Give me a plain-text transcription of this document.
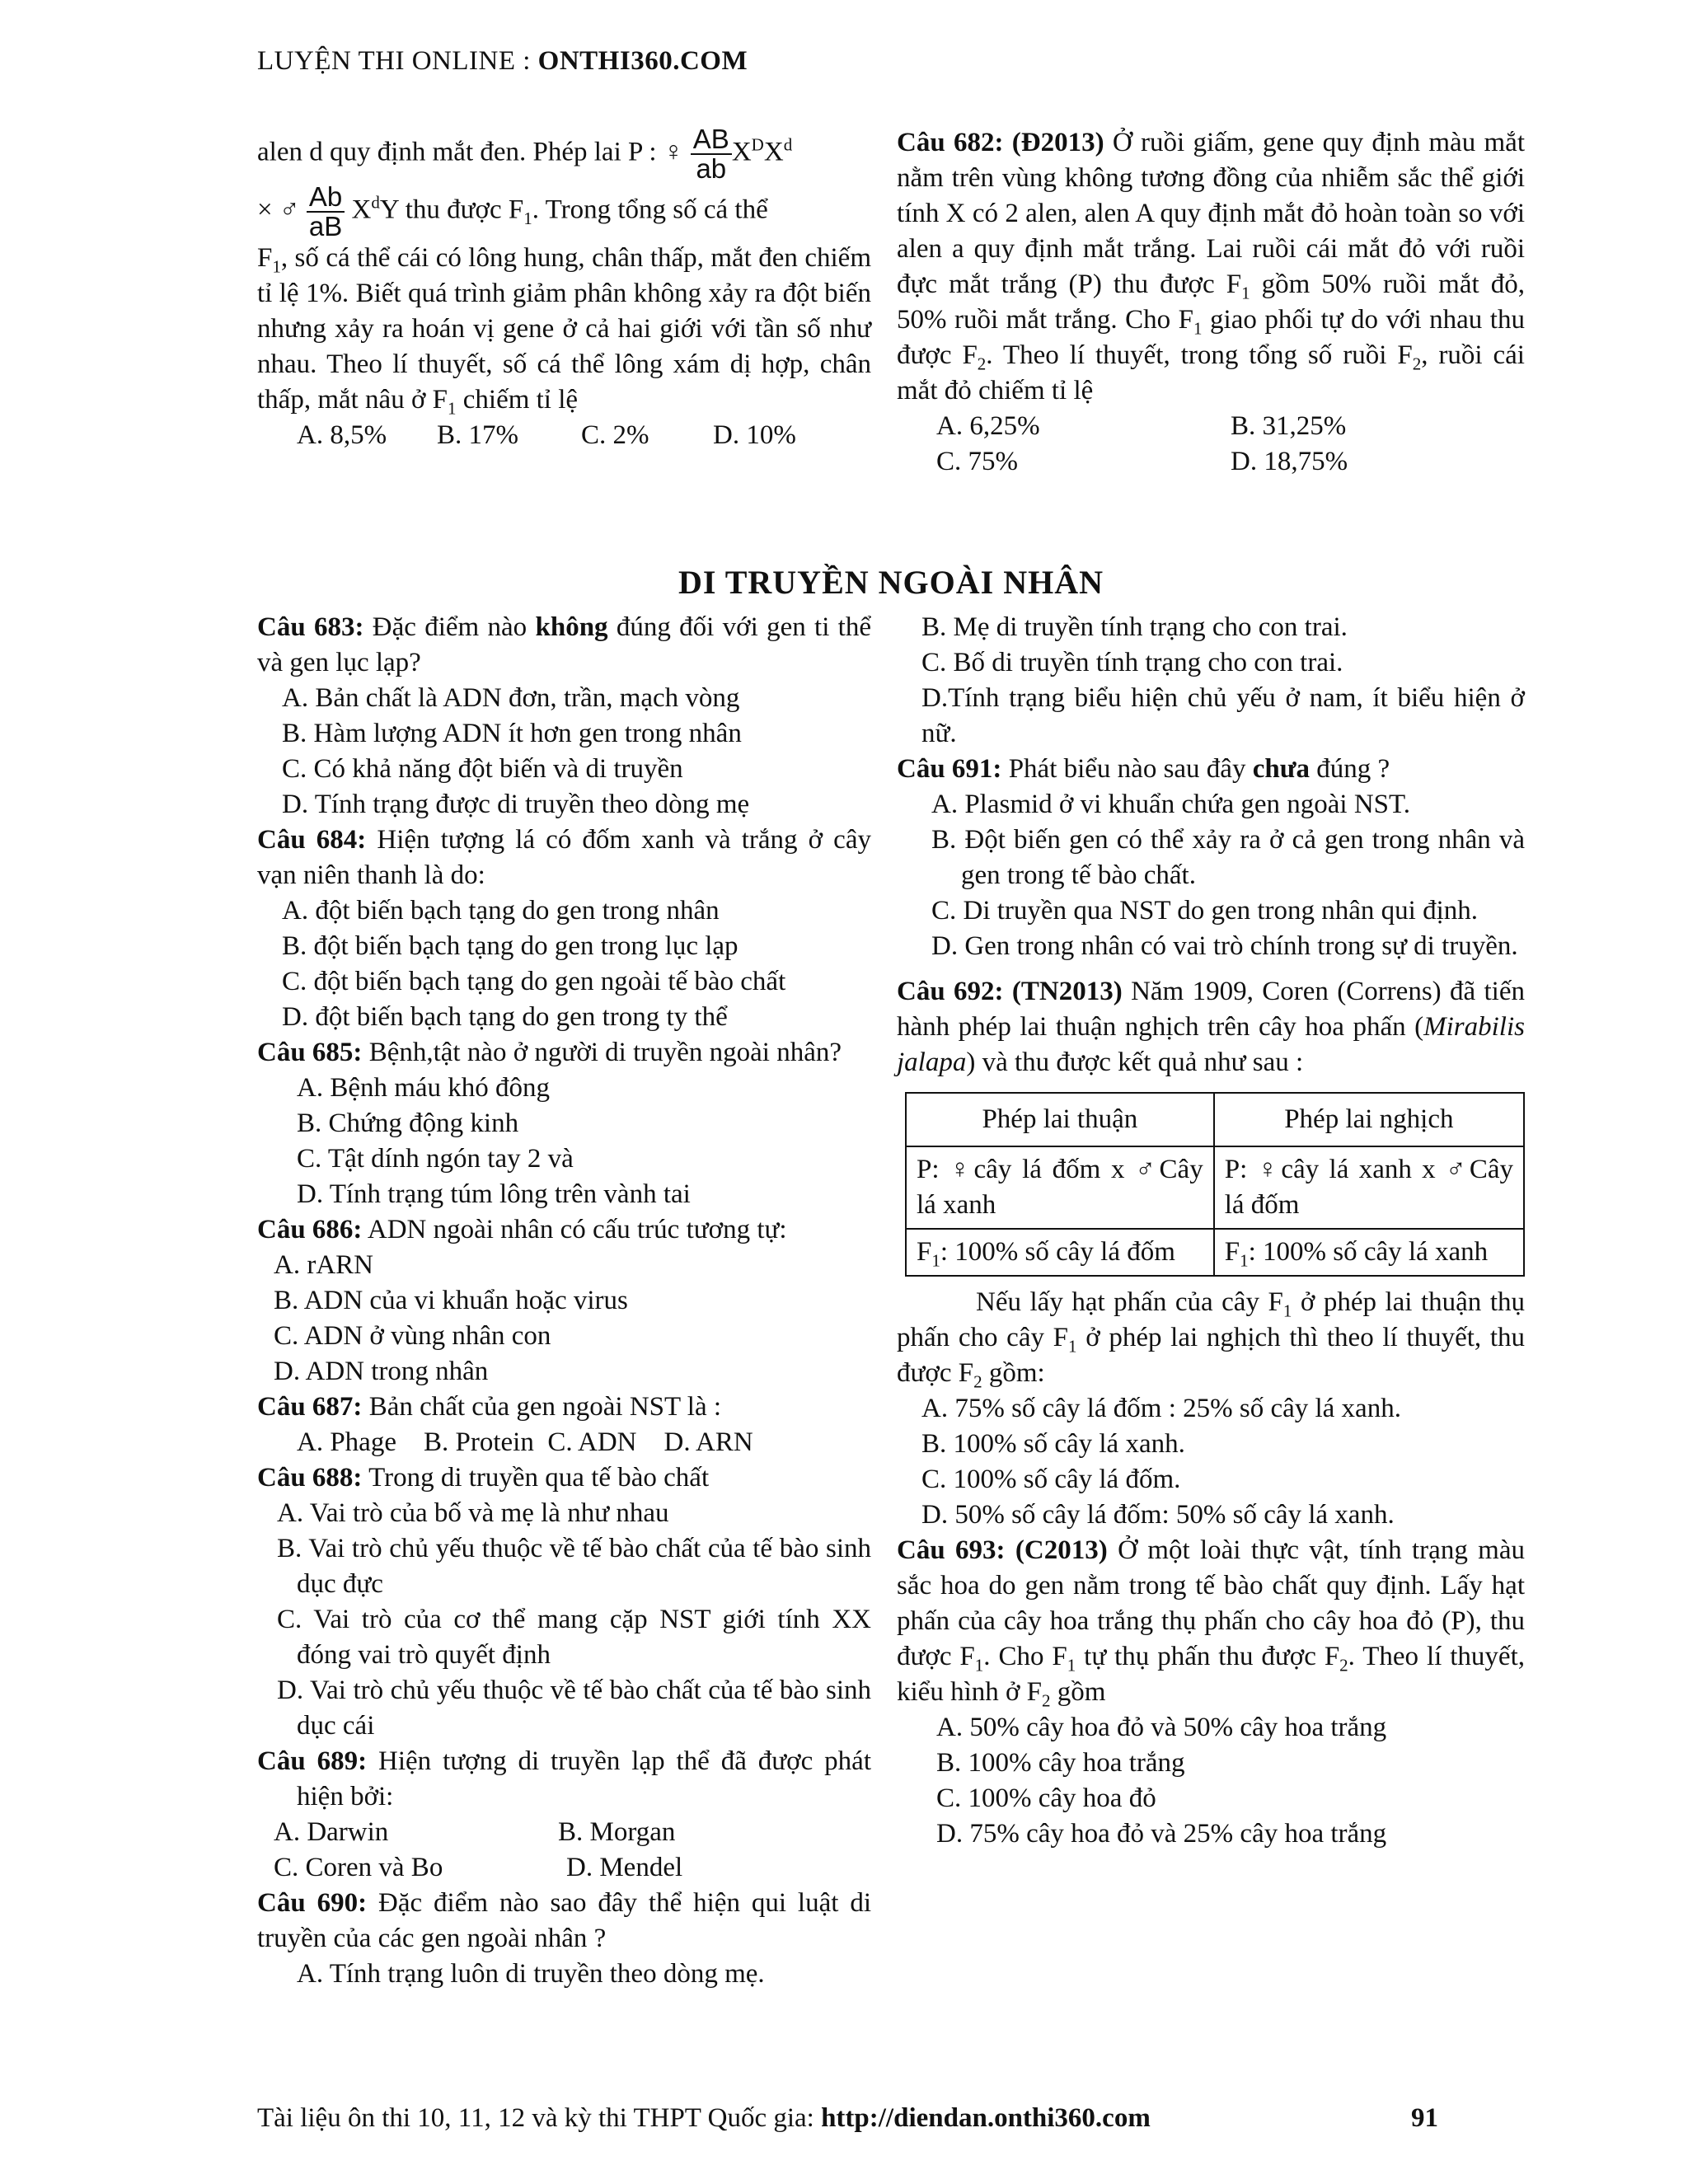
LUYỆN THI ONLINE : ONTHI360.COM
alen d quy định mắt đen. Phép lai P : ♀ $\frac{AB}{ab} X^DX^d$
× ♂ $\frac{Ab}{aB} X^dY$ thu được $F_1$. Trong tổng số cá thể
$F_1$, số cá thể cái có lông hung, chân thấp, mắt đen chiếm tỉ lệ 1%. Biết quá trình giảm phân không xảy ra đột biến nhưng xảy ra hoán vị gene ở cả hai giới với tần số như nhau. Theo lí thuyết, số cá thể lông xám dị hợp, chân thấp, mắt nâu ở $F_1$ chiếm tỉ lệ
A. 8,5%	B. 17%	C. 2%	D. 10%
Câu 682: (Đ2013) Ở ruồi giấm, gene quy định màu mắt nằm trên vùng không tương đồng của nhiễm sắc thể giới tính X có 2 alen, alen A quy định mắt đỏ hoàn toàn so với alen a quy định mắt trắng. Lai ruồi cái mắt đỏ với ruồi đực mắt trắng (P) thu được $F_1$ gồm 50% ruồi mắt đỏ, 50% ruồi mắt trắng. Cho $F_1$ giao phối tự do với nhau thu được $F_2$. Theo lí thuyết, trong tổng số ruồi $F_2$, ruồi cái mắt đỏ chiếm tỉ lệ
A. 6,25%	B. 31,25%
C. 75%	D. 18,75%
DI TRUYỀN NGOÀI NHÂN
Câu 683: Đặc điểm nào không đúng đối với gen ti thể và gen lục lạp?
A. Bản chất là ADN đơn, trần, mạch vòng
B. Hàm lượng ADN ít hơn gen trong nhân
C. Có khả năng đột biến và di truyền
D. Tính trạng được di truyền theo dòng mẹ
Câu 684: Hiện tượng lá có đốm xanh và trắng ở cây vạn niên thanh là do:
A. đột biến bạch tạng do gen trong nhân
B. đột biến bạch tạng do gen trong lục lạp
C. đột biến bạch tạng do gen ngoài tế bào chất
D. đột biến bạch tạng do gen trong ty thể
Câu 685: Bệnh,tật nào ở người di truyền ngoài nhân?
A. Bệnh máu khó đông
B. Chứng động kinh
C. Tật dính ngón tay 2 và
D. Tính trạng túm lông trên vành tai
Câu 686: ADN ngoài nhân có cấu trúc tương tự:
A. rARN
B. ADN của vi khuẩn hoặc virus
C. ADN ở vùng nhân con
D. ADN trong nhân
Câu 687: Bản chất của gen ngoài NST là :
A. Phage B. Protein C. ADN D. ARN
Câu 688: Trong di truyền qua tế bào chất
A. Vai trò của bố và mẹ là như nhau
B. Vai trò chủ yếu thuộc về tế bào chất của tế bào sinh dục đực
C. Vai trò của cơ thể mang cặp NST giới tính XX đóng vai trò quyết định
D. Vai trò chủ yếu thuộc về tế bào chất của tế bào sinh dục cái
Câu 689: Hiện tượng di truyền lạp thể đã được phát hiện bởi:
A. Darwin	B. Morgan
C. Coren và Bo	D. Mendel
Câu 690: Đặc điểm nào sao đây thể hiện qui luật di truyền của các gen ngoài nhân ?
A. Tính trạng luôn di truyền theo dòng mẹ.
B. Mẹ di truyền tính trạng cho con trai.
C. Bố di truyền tính trạng cho con trai.
D.Tính trạng biểu hiện chủ yếu ở nam, ít biểu hiện ở nữ.
Câu 691: Phát biểu nào sau đây chưa đúng ?
A. Plasmid ở vi khuẩn chứa gen ngoài NST.
B. Đột biến gen có thể xảy ra ở cả gen trong nhân và gen trong tế bào chất.
C. Di truyền qua NST do gen trong nhân qui định.
D. Gen trong nhân có vai trò chính trong sự di truyền.
Câu 692: (TN2013) Năm 1909, Coren (Correns) đã tiến hành phép lai thuận nghịch trên cây hoa phấn (Mirabilis jalapa) và thu được kết quả như sau :
Phép lai thuận	Phép lai nghịch
P: ♀cây lá đốm x ♂Cây lá xanh	P: ♀cây lá xanh x ♂Cây lá đốm
$F_1$: 100% số cây lá đốm	$F_1$: 100% số cây lá xanh
Nếu lấy hạt phấn của cây $F_1$ ở phép lai thuận thụ phấn cho cây $F_1$ ở phép lai nghịch thì theo lí thuyết, thu được $F_2$ gồm:
A. 75% số cây lá đốm : 25% số cây lá xanh.
B. 100% số cây lá xanh.
C. 100% số cây lá đốm.
D. 50% số cây lá đốm: 50% số cây lá xanh.
Câu 693: (C2013) Ở một loài thực vật, tính trạng màu sắc hoa do gen nằm trong tế bào chất quy định. Lấy hạt phấn của cây hoa trắng thụ phấn cho cây hoa đỏ (P), thu được $F_1$. Cho $F_1$ tự thụ phấn thu được $F_2$. Theo lí thuyết, kiểu hình ở $F_2$ gồm
A. 50% cây hoa đỏ và 50% cây hoa trắng
B. 100% cây hoa trắng
C. 100% cây hoa đỏ
D. 75% cây hoa đỏ và 25% cây hoa trắng
Tài liệu ôn thi 10, 11, 12 và kỳ thi THPT Quốc gia: http://diendan.onthi360.com	91
